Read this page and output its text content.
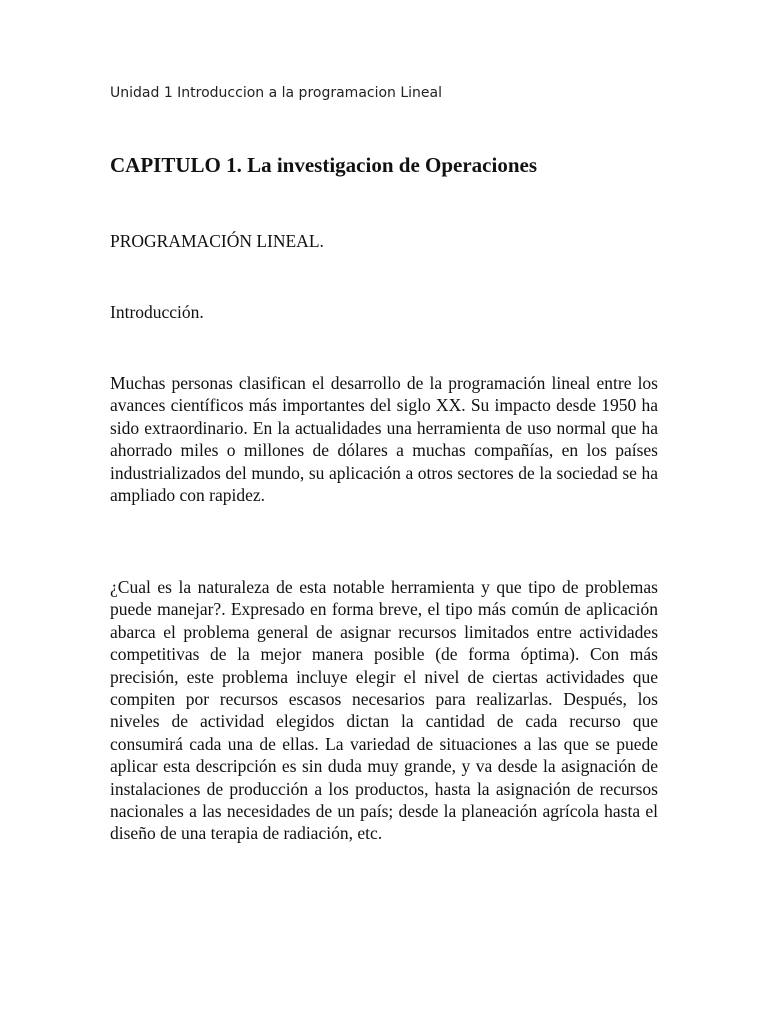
Unidad 1 Introduccion a la programacion Lineal
CAPITULO 1. La investigacion de Operaciones
PROGRAMACIÓN LINEAL.
Introducción.

Muchas personas clasifican el desarrollo de la programación lineal entre los avances científicos más importantes del siglo XX. Su impacto desde 1950 ha sido extraordinario. En la actualidades una herramienta de uso normal que ha ahorrado miles o millones de dólares a muchas compañías, en los países industrializados del mundo, su aplicación a otros sectores de la sociedad se ha ampliado con rapidez.

¿Cual es la naturaleza de esta notable herramienta y que tipo de problemas puede manejar?. Expresado en forma breve, el tipo más común de aplicación abarca el problema general de asignar recursos limitados entre actividades competitivas de la mejor manera posible (de forma óptima). Con más precisión, este problema incluye elegir el nivel de ciertas actividades que compiten por recursos escasos necesarios para realizarlas. Después, los niveles de actividad elegidos dictan la cantidad de cada recurso que consumirá cada una de ellas. La variedad de situaciones a las que se puede aplicar esta descripción es sin duda muy grande, y va desde la asignación de instalaciones de producción a los productos, hasta la asignación de recursos nacionales a las necesidades de un país; desde la planeación agrícola hasta el diseño de una terapia de radiación, etc.
